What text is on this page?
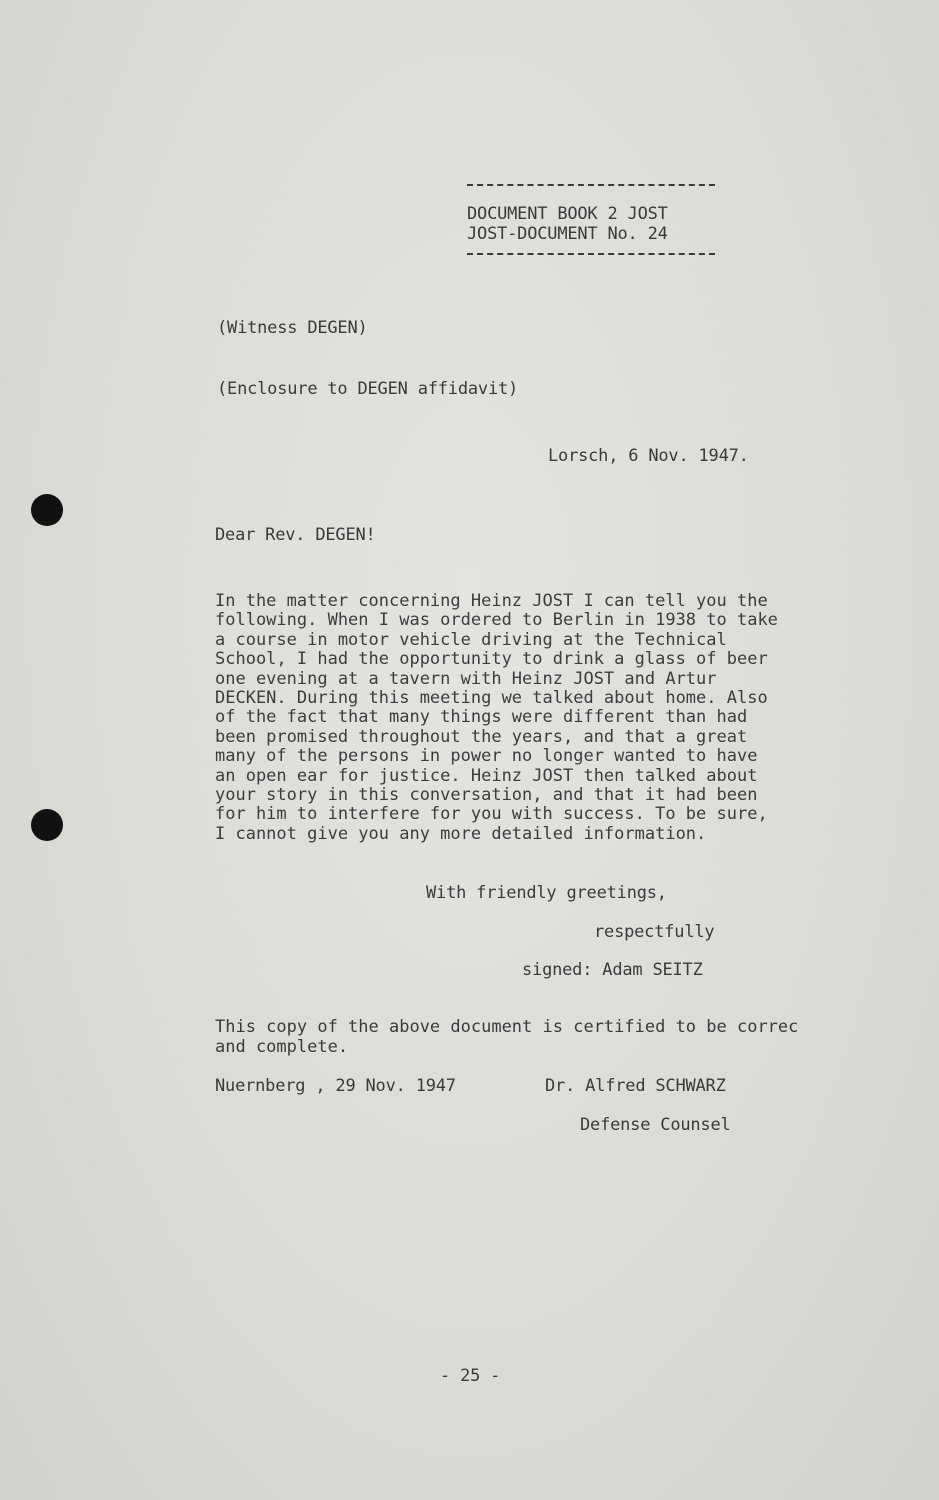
DOCUMENT BOOK 2 JOST
JOST-DOCUMENT No. 24
(Witness DEGEN)
(Enclosure to DEGEN affidavit)
Lorsch, 6 Nov. 1947.
Dear Rev. DEGEN!
In the matter concerning Heinz JOST I can tell you the
following. When I was ordered to Berlin in 1938 to take
a course in motor vehicle driving at the Technical
School, I had the opportunity to drink a glass of beer
one evening at a tavern with Heinz JOST and Artur
DECKEN. During this meeting we talked about home. Also
of the fact that many things were different than had
been promised throughout the years, and that a great
many of the persons in power no longer wanted to have
an open ear for justice. Heinz JOST then talked about
your story in this conversation, and that it had been
for him to interfere for you with success. To be sure,
I cannot give you any more detailed information.
With friendly greetings,
respectfully
signed: Adam SEITZ
This copy of the above document is certified to be correc
and complete.
Nuernberg , 29 Nov. 1947	Dr. Alfred SCHWARZ
Defense Counsel
- 25 -
